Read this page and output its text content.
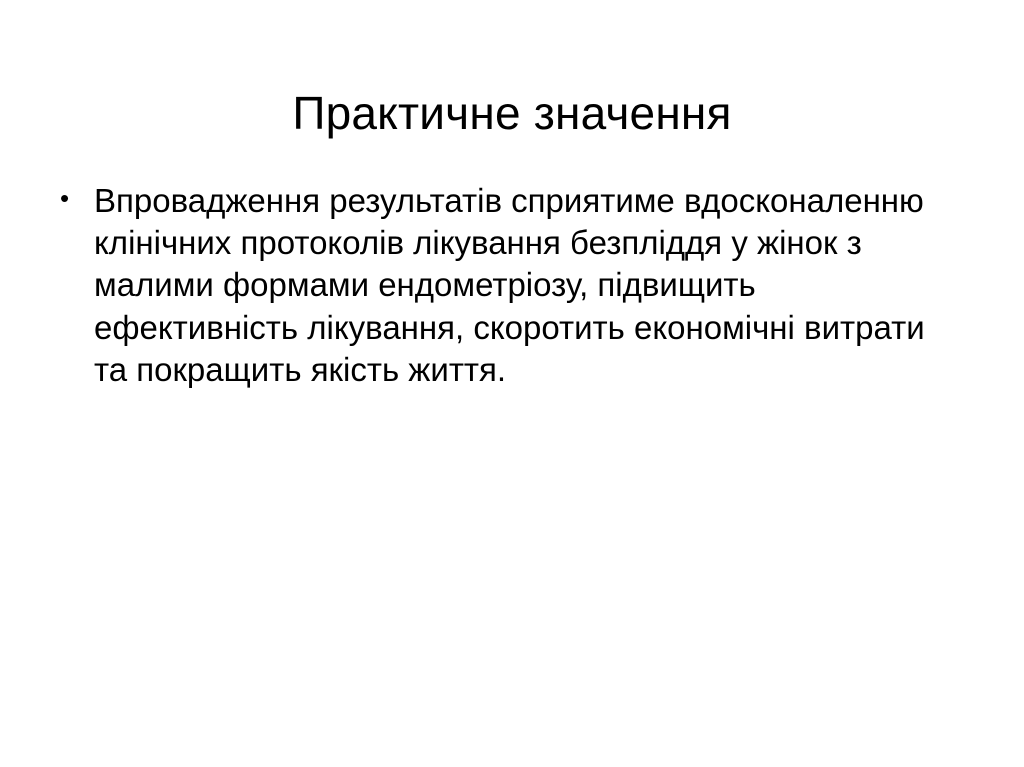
Практичне значення
• Впровадження результатів сприятиме вдосконаленню клінічних протоколів лікування безпліддя у жінок з малими формами ендометріозу, підвищить ефективність лікування, скоротить економічні витрати та покращить якість життя.
